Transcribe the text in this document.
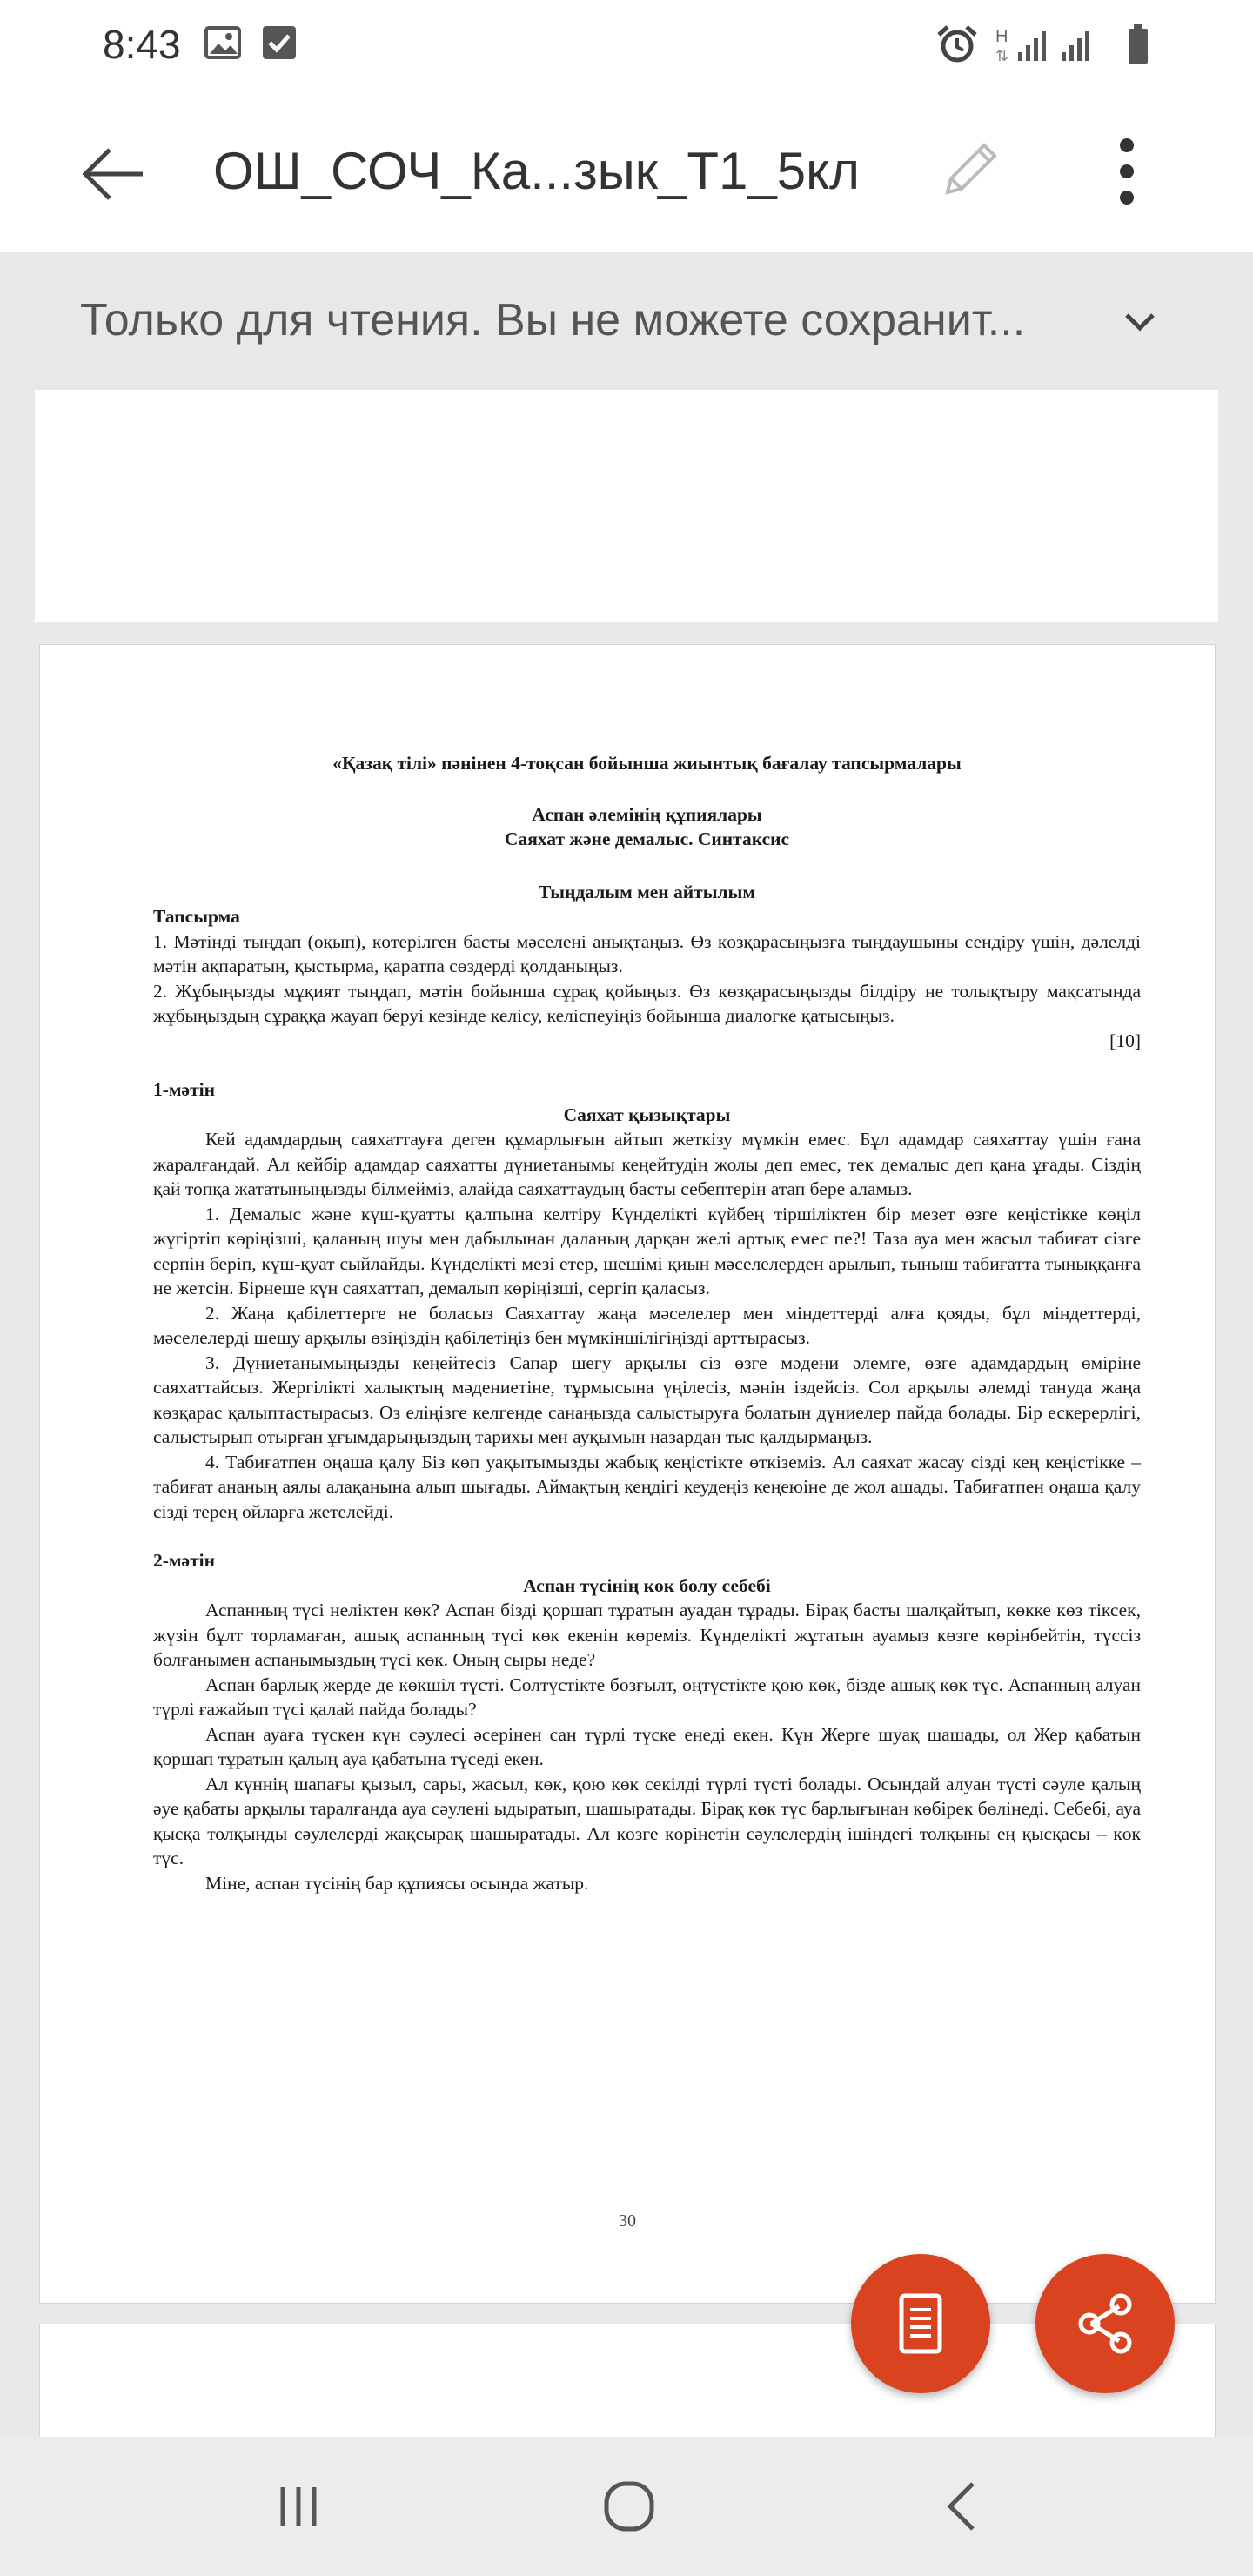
8:43	H
⇅
ОШ_СОЧ_Ка...зык_Т1_5кл
Только для чтения. Вы не можете сохранит...

«Қазақ тілі» пәнінен 4-тоқсан бойынша жиынтық бағалау тапсырмалары

Аспан әлемінің құпиялары

Саяхат және демалыс. Синтаксис

Тыңдалым мен айтылым

Тапсырма

1. Мәтінді тыңдап (оқып), көтерілген басты мәселені анықтаңыз. Өз көзқарасыңызға тыңдаушыны сендіру үшін, дәлелді мәтін ақпаратын, қыстырма, қаратпа сөздерді қолданыңыз.

2. Жұбыңызды мұқият тыңдап, мәтін бойынша сұрақ қойыңыз. Өз көзқарасыңызды білдіру не толықтыру мақсатында жұбыңыздың сұраққа жауап беруі кезінде келісу, келіспеуіңіз бойынша диалогке қатысыңыз.

[10]

1-мәтін

Саяхат қызықтары

Кей адамдардың саяхаттауға деген құмарлығын айтып жеткізу мүмкін емес. Бұл адамдар саяхаттау үшін ғана жаралғандай. Ал кейбір адамдар саяхатты дүниетанымы кеңейтудің жолы деп емес, тек демалыс деп қана ұғады. Сіздің қай топқа жататыныңызды білмейміз, алайда саяхаттаудың басты себептерін атап бере аламыз.

1. Демалыс және күш-қуатты қалпына келтіру Күнделікті күйбең тіршіліктен бір мезет өзге кеңістікке көңіл жүгіртіп көріңізші, қаланың шуы мен дабылынан даланың дарқан желі артық емес пе?! Таза ауа мен жасыл табиғат сізге серпін беріп, күш-қуат сыйлайды. Күнделікті мезі етер, шешімі қиын мәселелерден арылып, тыныш табиғатта тыныққанға не жетсін. Бірнеше күн саяхаттап, демалып көріңізші, сергіп қаласыз.

2. Жаңа қабілеттерге не боласыз Саяхаттау жаңа мәселелер мен міндеттерді алға қояды, бұл міндеттерді, мәселелерді шешу арқылы өзіңіздің қабілетіңіз бен мүмкіншілігіңізді арттырасыз.

3. Дүниетанымыңызды кеңейтесіз Сапар шегу арқылы сіз өзге мәдени әлемге, өзге адамдардың өміріне саяхаттайсыз. Жергілікті халықтың мәдениетіне, тұрмысына үңілесіз, мәнін іздейсіз. Сол арқылы әлемді тануда жаңа көзқарас қалыптастырасыз. Өз еліңізге келгенде санаңызда салыстыруға болатын дүниелер пайда болады. Бір ескерерлігі, салыстырып отырған ұғымдарыңыздың тарихы мен ауқымын назардан тыс қалдырмаңыз.

4. Табиғатпен оңаша қалу Біз көп уақытымызды жабық кеңістікте өткіземіз. Ал саяхат жасау сізді кең кеңістікке – табиғат ананың аялы алақанына алып шығады. Аймақтың кеңдігі кеудеңіз кеңеюіне де жол ашады. Табиғатпен оңаша қалу сізді терең ойларға жетелейді.

2-мәтін

Аспан түсінің көк болу себебі

Аспанның түсі неліктен көк? Аспан бізді қоршап тұратын ауадан тұрады. Бірақ басты шалқайтып, көкке көз тіксек, жүзін бұлт торламаған, ашық аспанның түсі көк екенін көреміз. Күнделікті жұтатын ауамыз көзге көрінбейтін, түссіз болғанымен аспанымыздың түсі көк. Оның сыры неде?

Аспан барлық жерде де көкшіл түсті. Солтүстікте бозғылт, оңтүстікте қою көк, бізде ашық көк түс. Аспанның алуан түрлі ғажайып түсі қалай пайда болады?

Аспан ауаға түскен күн сәулесі әсерінен сан түрлі түске енеді екен. Күн Жерге шуақ шашады, ол Жер қабатын қоршап тұратын қалың ауа қабатына түседі екен.

Ал күннің шапағы қызыл, сары, жасыл, көк, қою көк секілді түрлі түсті болады. Осындай алуан түсті сәуле қалың әуе қабаты арқылы таралғанда ауа сәулені ыдыратып, шашыратады. Бірақ көк түс барлығынан көбірек бөлінеді. Себебі, ауа қысқа толқынды сәулелерді жақсырақ шашыратады. Ал көзге көрінетін сәулелердің ішіндегі толқыны ең қысқасы – көк түс.

Міне, аспан түсінің бар құпиясы осында жатыр.

30
